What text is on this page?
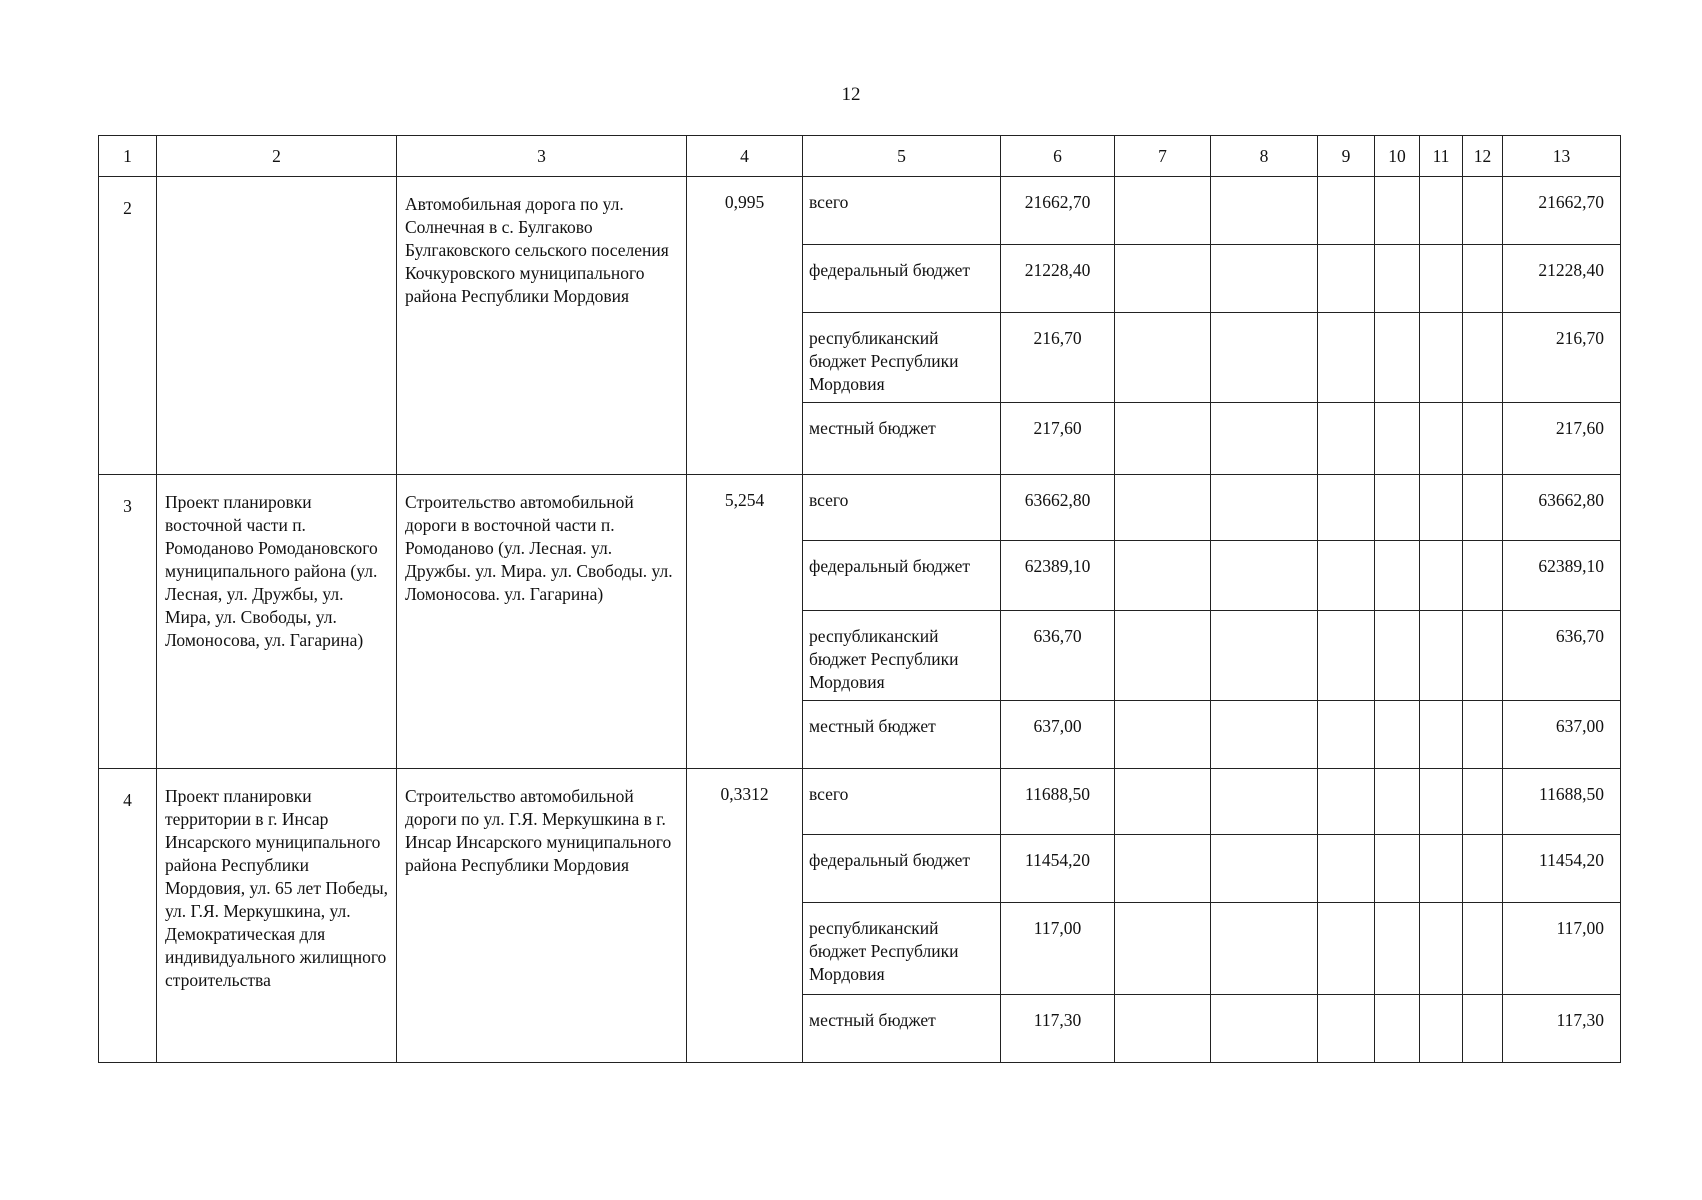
12
1	2	3	4	5	6	7	8	9	10	11	12	13
2		Автомобильная дорога по ул. Солнечная в с. Булгаково Булгаковского сельского поселения Кочкуровского муниципального района Республики Мордовия	0,995	всего	21662,70							21662,70
				федеральный бюджет	21228,40							21228,40
				республиканский бюджет Республики Мордовия	216,70							216,70
				местный бюджет	217,60							217,60
3	Проект планировки восточной части п. Ромоданово Ромодановского муниципального района (ул. Лесная, ул. Дружбы, ул. Мира, ул. Свободы, ул. Ломоносова, ул. Гагарина)	Строительство автомобильной дороги в восточной части п. Ромоданово (ул. Лесная. ул. Дружбы. ул. Мира. ул. Свободы. ул. Ломоносова. ул. Гагарина)	5,254	всего	63662,80							63662,80
				федеральный бюджет	62389,10							62389,10
				республиканский бюджет Республики Мордовия	636,70							636,70
				местный бюджет	637,00							637,00
4	Проект планировки территории в г. Инсар Инсарского муниципального района Республики Мордовия, ул. 65 лет Победы, ул. Г.Я. Меркушкина, ул. Демократическая для индивидуального жилищного строительства	Строительство автомобильной дороги по ул. Г.Я. Меркушкина в г. Инсар Инсарского муниципального района Республики Мордовия	0,3312	всего	11688,50							11688,50
				федеральный бюджет	11454,20							11454,20
				республиканский бюджет Республики Мордовия	117,00							117,00
				местный бюджет	117,30							117,30
